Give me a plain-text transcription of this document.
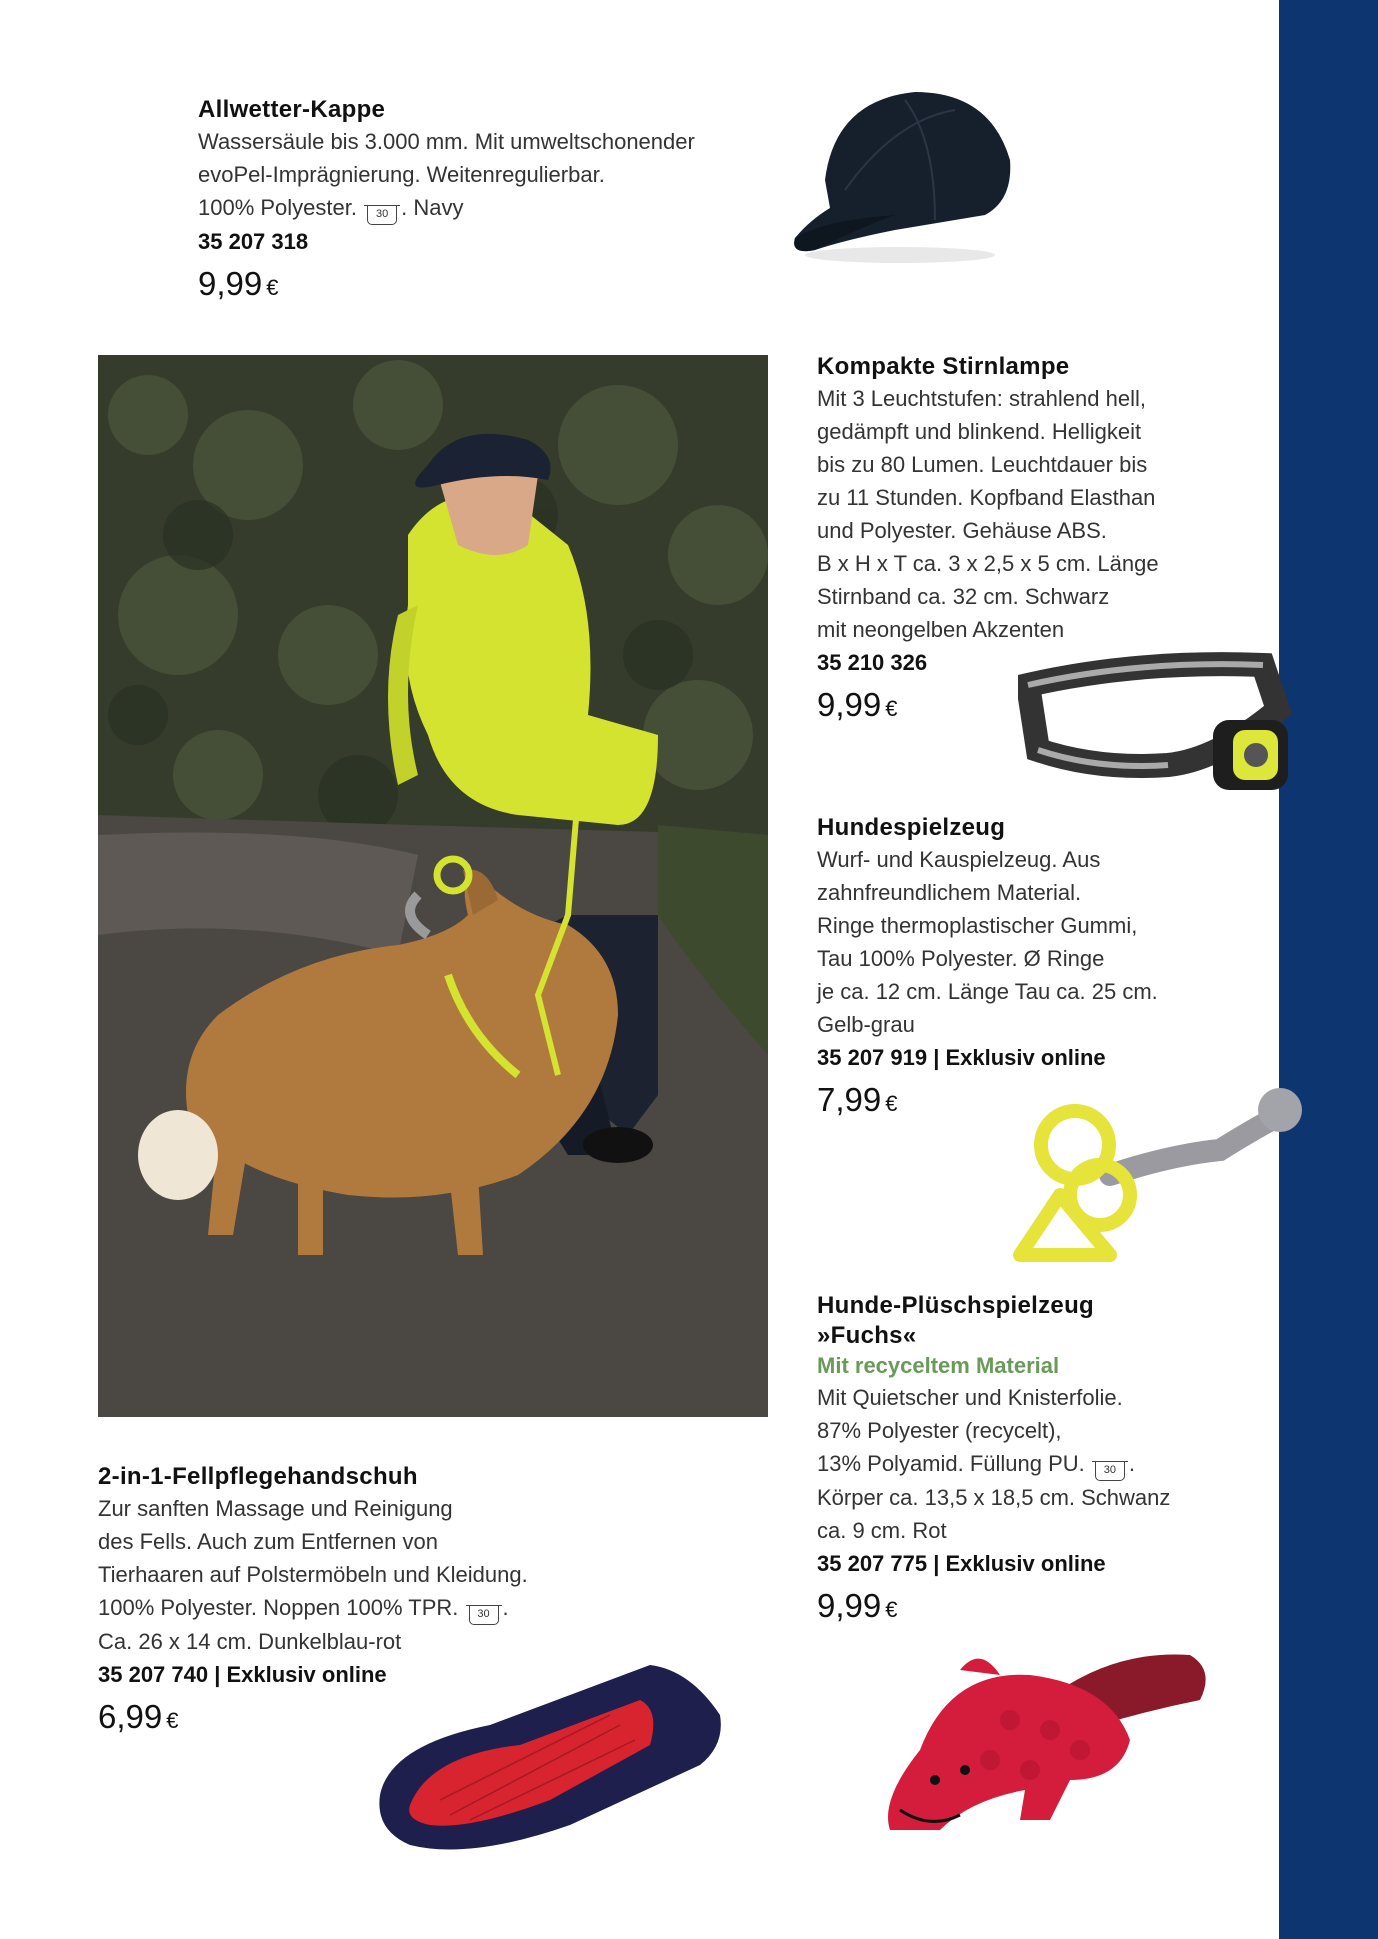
Allwetter-Kappe
Wassersäule bis 3.000 mm. Mit umweltschonender
evoPel-Imprägnierung. Weitenregulierbar.
100% Polyester. 30 . Navy
35 207 318
9,99 €
Kompakte Stirnlampe
Mit 3 Leuchtstufen: strahlend hell,
gedämpft und blinkend. Helligkeit
bis zu 80 Lumen. Leuchtdauer bis
zu 11 Stunden. Kopfband Elasthan
und Polyester. Gehäuse ABS.
B x H x T ca. 3 x 2,5 x 5 cm. Länge
Stirnband ca. 32 cm. Schwarz
mit neongelben Akzenten
35 210 326
9,99 €
Hundespielzeug
Wurf- und Kauspielzeug. Aus
zahnfreundlichem Material.
Ringe thermoplastischer Gummi,
Tau 100% Polyester. Ø Ringe
je ca. 12 cm. Länge Tau ca. 25 cm.
Gelb-grau
35 207 919 | Exklusiv online
7,99 €
Hunde-Plüschspielzeug
»Fuchs«
Mit recyceltem Material
Mit Quietscher und Knisterfolie.
87% Polyester (recycelt),
13% Polyamid. Füllung PU. 30 .
Körper ca. 13,5 x 18,5 cm. Schwanz
ca. 9 cm. Rot
35 207 775 | Exklusiv online
9,99 €
2-in-1-Fellpflegehandschuh
Zur sanften Massage und Reinigung
des Fells. Auch zum Entfernen von
Tierhaaren auf Polstermöbeln und Kleidung.
100% Polyester. Noppen 100% TPR. 30 .
Ca. 26 x 14 cm. Dunkelblau-rot
35 207 740 | Exklusiv online
6,99 €
